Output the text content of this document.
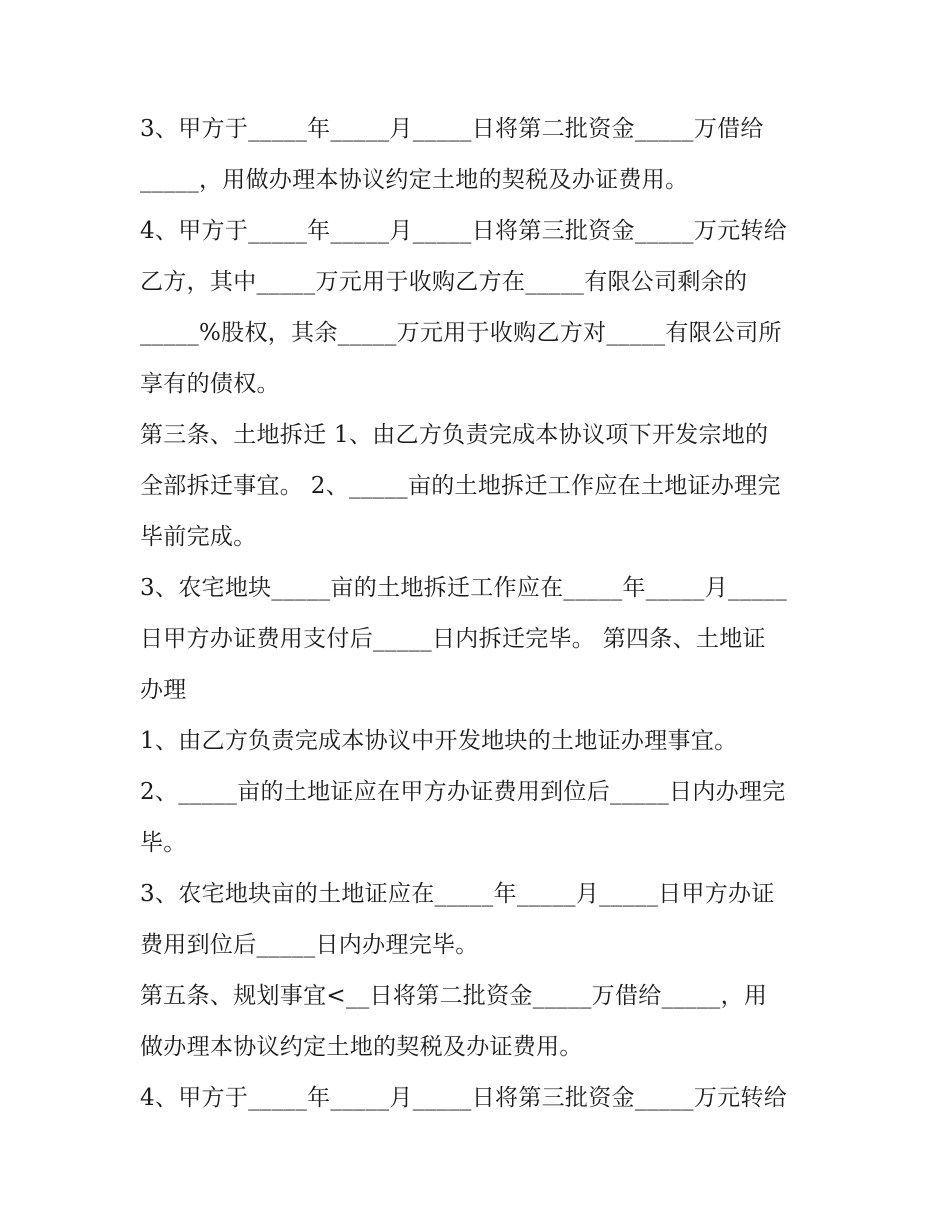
3、甲方于_____年_____月_____日将第二批资金_____万借给
_____，用做办理本协议约定土地的契税及办证费用。
4、甲方于_____年_____月_____日将第三批资金_____万元转给
乙方，其中_____万元用于收购乙方在_____有限公司剩余的
_____%股权，其余_____万元用于收购乙方对_____有限公司所
享有的债权。
第三条、土地拆迁 1、由乙方负责完成本协议项下开发宗地的
全部拆迁事宜。 2、_____亩的土地拆迁工作应在土地证办理完
毕前完成。
3、农宅地块_____亩的土地拆迁工作应在_____年_____月_____
日甲方办证费用支付后_____日内拆迁完毕。 第四条、土地证
办理
1、由乙方负责完成本协议中开发地块的土地证办理事宜。
2、_____亩的土地证应在甲方办证费用到位后_____日内办理完
毕。
3、农宅地块亩的土地证应在_____年_____月_____日甲方办证
费用到位后_____日内办理完毕。
第五条、规划事宜<__日将第二批资金_____万借给_____，用
做办理本协议约定土地的契税及办证费用。
4、甲方于_____年_____月_____日将第三批资金_____万元转给
